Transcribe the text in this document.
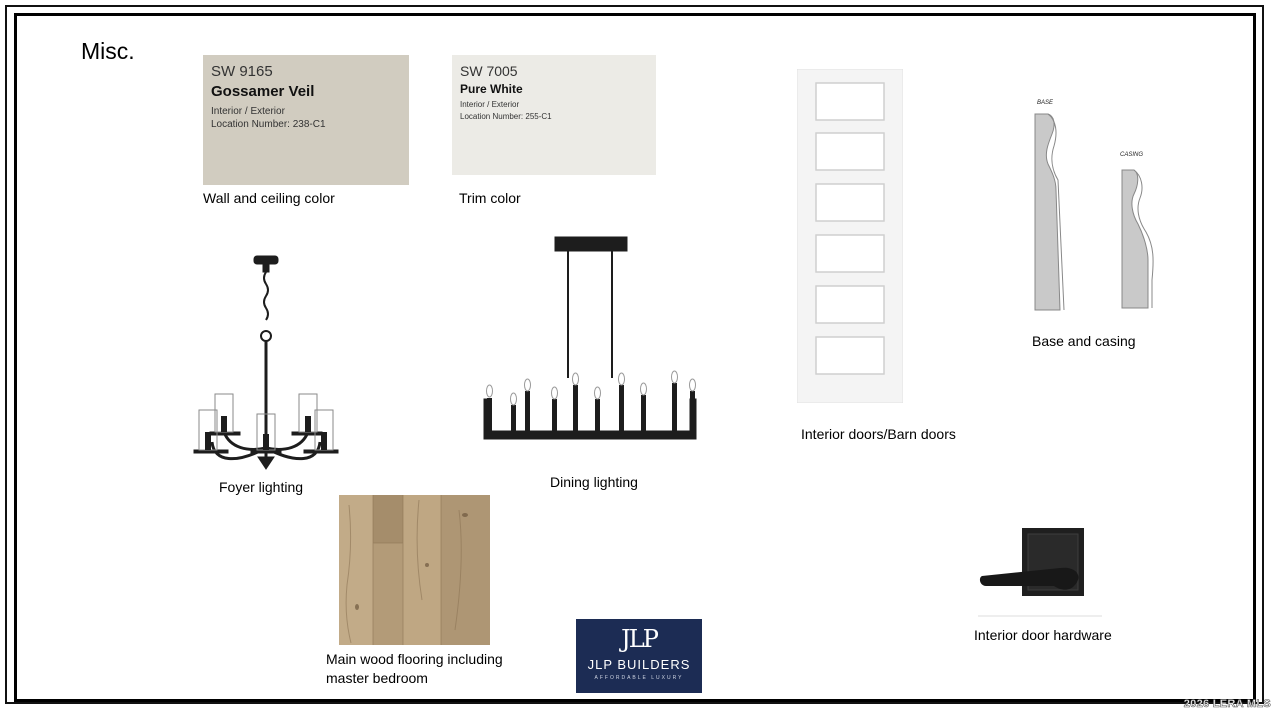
Misc.
SW 9165
Gossamer Veil
Interior / Exterior
Location Number: 238-C1
Wall and ceiling color
SW 7005
Pure White
Interior / Exterior
Location Number: 255-C1
Trim color
Foyer lighting	Dining lighting
Interior doors/Barn doors
BASE
CASING
Base and casing
Main wood flooring including
master bedroom
JLP
JLP BUILDERS
AFFORDABLE LUXURY
Interior door hardware
2026 LERA MLS
